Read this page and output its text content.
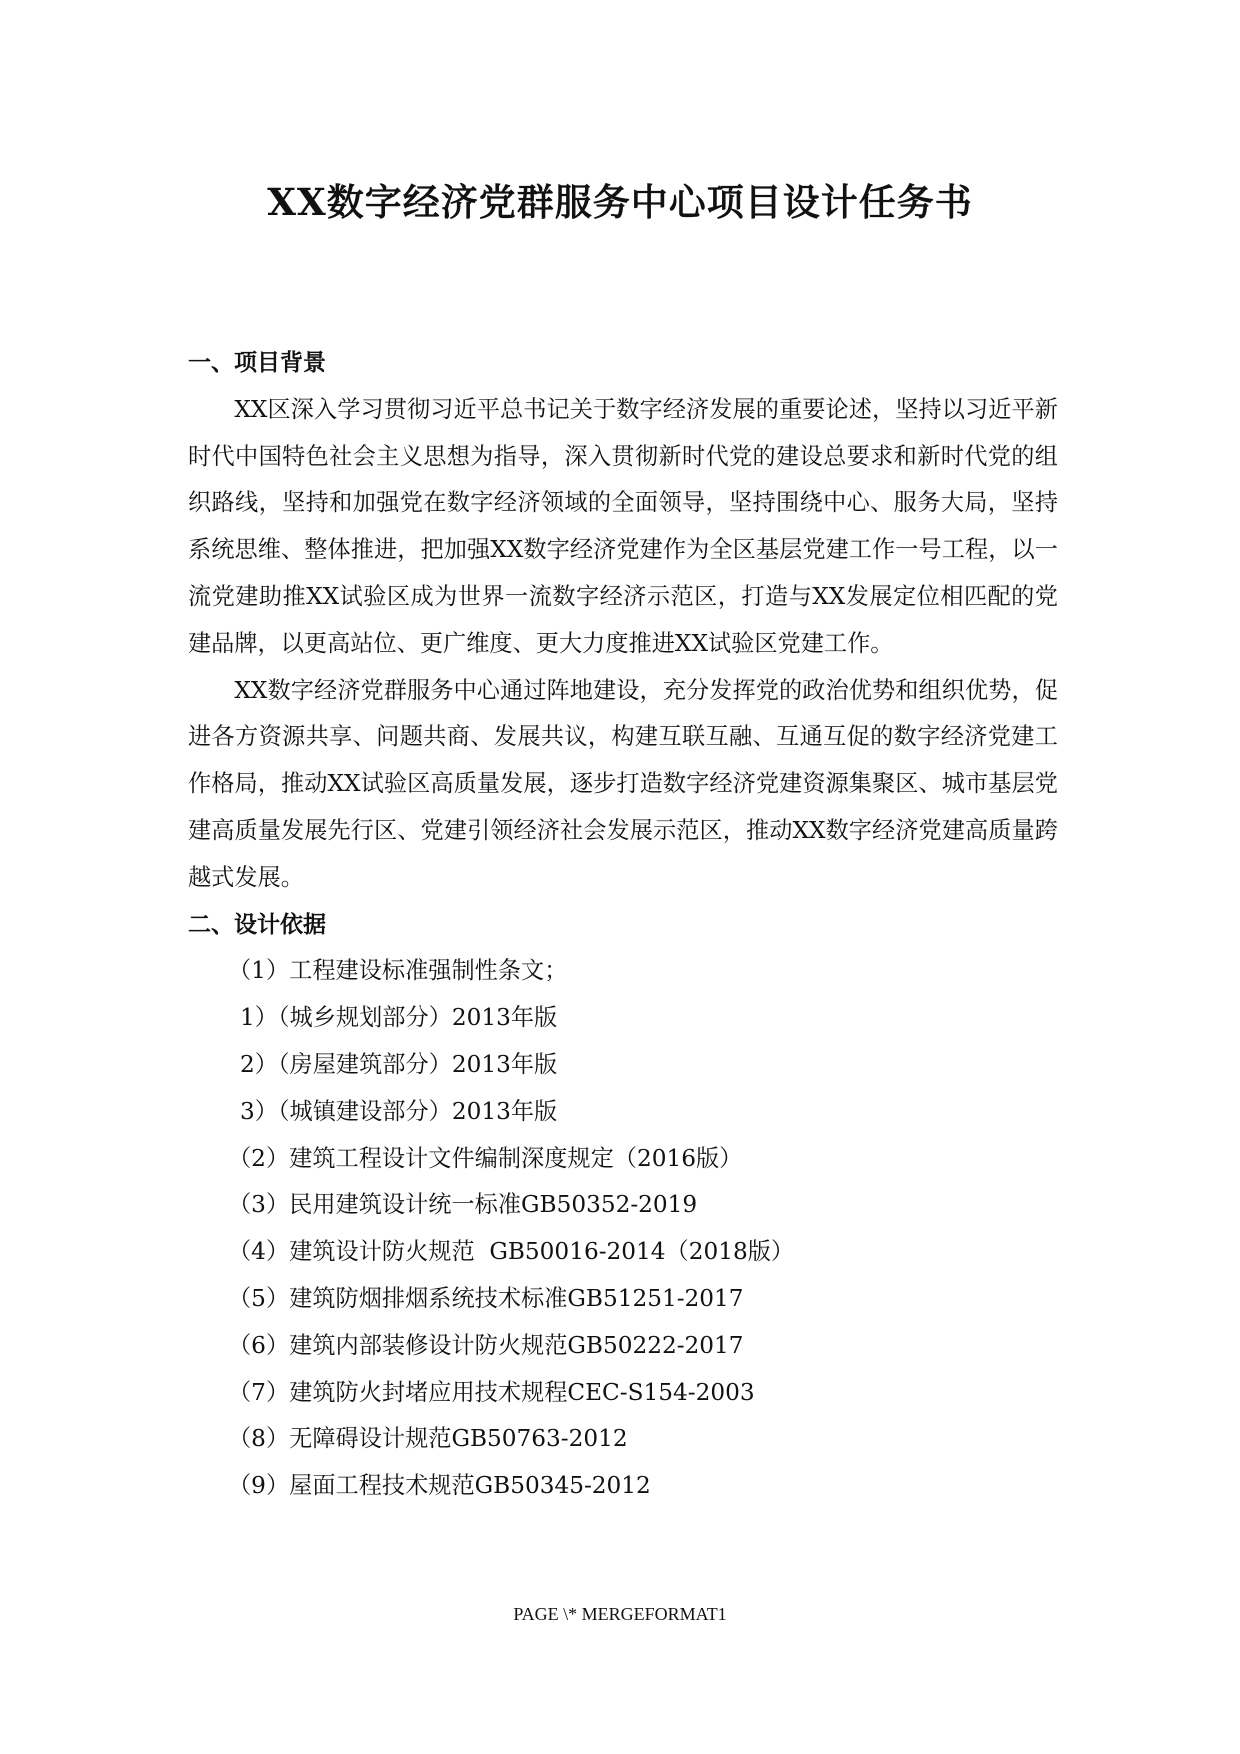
XX数字经济党群服务中心项目设计任务书
一、项目背景
XX区深入学习贯彻习近平总书记关于数字经济发展的重要论述，坚持以习近平新时代中国特色社会主义思想为指导，深入贯彻新时代党的建设总要求和新时代党的组织路线，坚持和加强党在数字经济领域的全面领导，坚持围绕中心、服务大局，坚持系统思维、整体推进，把加强XX数字经济党建作为全区基层党建工作一号工程，以一流党建助推XX试验区成为世界一流数字经济示范区，打造与XX发展定位相匹配的党建品牌，以更高站位、更广维度、更大力度推进XX试验区党建工作。
XX数字经济党群服务中心通过阵地建设，充分发挥党的政治优势和组织优势，促进各方资源共享、问题共商、发展共议，构建互联互融、互通互促的数字经济党建工作格局，推动XX试验区高质量发展，逐步打造数字经济党建资源集聚区、城市基层党建高质量发展先行区、党建引领经济社会发展示范区，推动XX数字经济党建高质量跨越式发展。
二、设计依据
（1）工程建设标准强制性条文；
1）（城乡规划部分）2013年版
2）（房屋建筑部分）2013年版
3）（城镇建设部分）2013年版
（2）建筑工程设计文件编制深度规定（2016版）
（3）民用建筑设计统一标准GB50352-2019
（4）建筑设计防火规范  GB50016-2014（2018版）
（5）建筑防烟排烟系统技术标准GB51251-2017
（6）建筑内部装修设计防火规范GB50222-2017
（7）建筑防火封堵应用技术规程CEC-S154-2003
（8）无障碍设计规范GB50763-2012
（9）屋面工程技术规范GB50345-2012
PAGE \* MERGEFORMAT1
